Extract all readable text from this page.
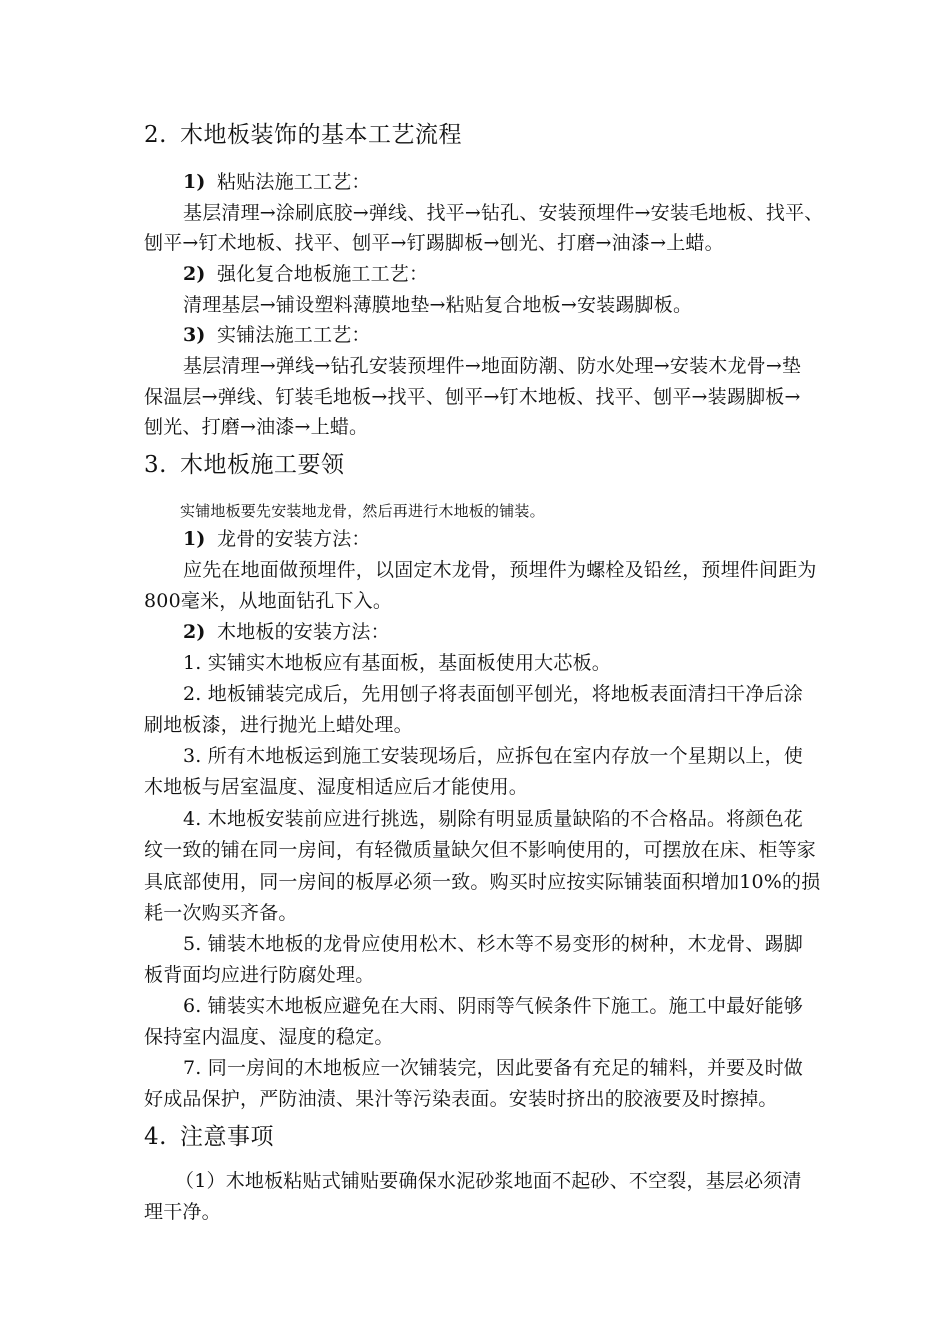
2. 木地板装饰的基本工艺流程
1) 粘贴法施工工艺：
基层清理→涂刷底胶→弹线、找平→钻孔、安装预埋件→安装毛地板、找平、
刨平→钉术地板、找平、刨平→钉踢脚板→刨光、打磨→油漆→上蜡。
2) 强化复合地板施工工艺：
清理基层→铺设塑料薄膜地垫→粘贴复合地板→安装踢脚板。
3) 实铺法施工工艺：
基层清理→弹线→钻孔安装预埋件→地面防潮、防水处理→安装木龙骨→垫
保温层→弹线、钉装毛地板→找平、刨平→钉木地板、找平、刨平→装踢脚板→
刨光、打磨→油漆→上蜡。
3. 木地板施工要领
实铺地板要先安装地龙骨，然后再进行木地板的铺装。
1) 龙骨的安装方法：
应先在地面做预埋件，以固定木龙骨，预埋件为螺栓及铅丝，预埋件间距为
800毫米，从地面钻孔下入。
2) 木地板的安装方法：
1. 实铺实木地板应有基面板，基面板使用大芯板。
2. 地板铺装完成后，先用刨子将表面刨平刨光，将地板表面清扫干净后涂
刷地板漆，进行抛光上蜡处理。
3. 所有木地板运到施工安装现场后，应拆包在室内存放一个星期以上，使
木地板与居室温度、湿度相适应后才能使用。
4. 木地板安装前应进行挑选，剔除有明显质量缺陷的不合格品。将颜色花
纹一致的铺在同一房间，有轻微质量缺欠但不影响使用的，可摆放在床、柜等家
具底部使用，同一房间的板厚必须一致。购买时应按实际铺装面积增加10%的损
耗一次购买齐备。
5. 铺装木地板的龙骨应使用松木、杉木等不易变形的树种，木龙骨、踢脚
板背面均应进行防腐处理。
6. 铺装实木地板应避免在大雨、阴雨等气候条件下施工。施工中最好能够
保持室内温度、湿度的稳定。
7. 同一房间的木地板应一次铺装完，因此要备有充足的辅料，并要及时做
好成品保护，严防油渍、果汁等污染表面。安装时挤出的胶液要及时擦掉。
4. 注意事项
（1）木地板粘贴式铺贴要确保水泥砂浆地面不起砂、不空裂，基层必须清
理干净。
